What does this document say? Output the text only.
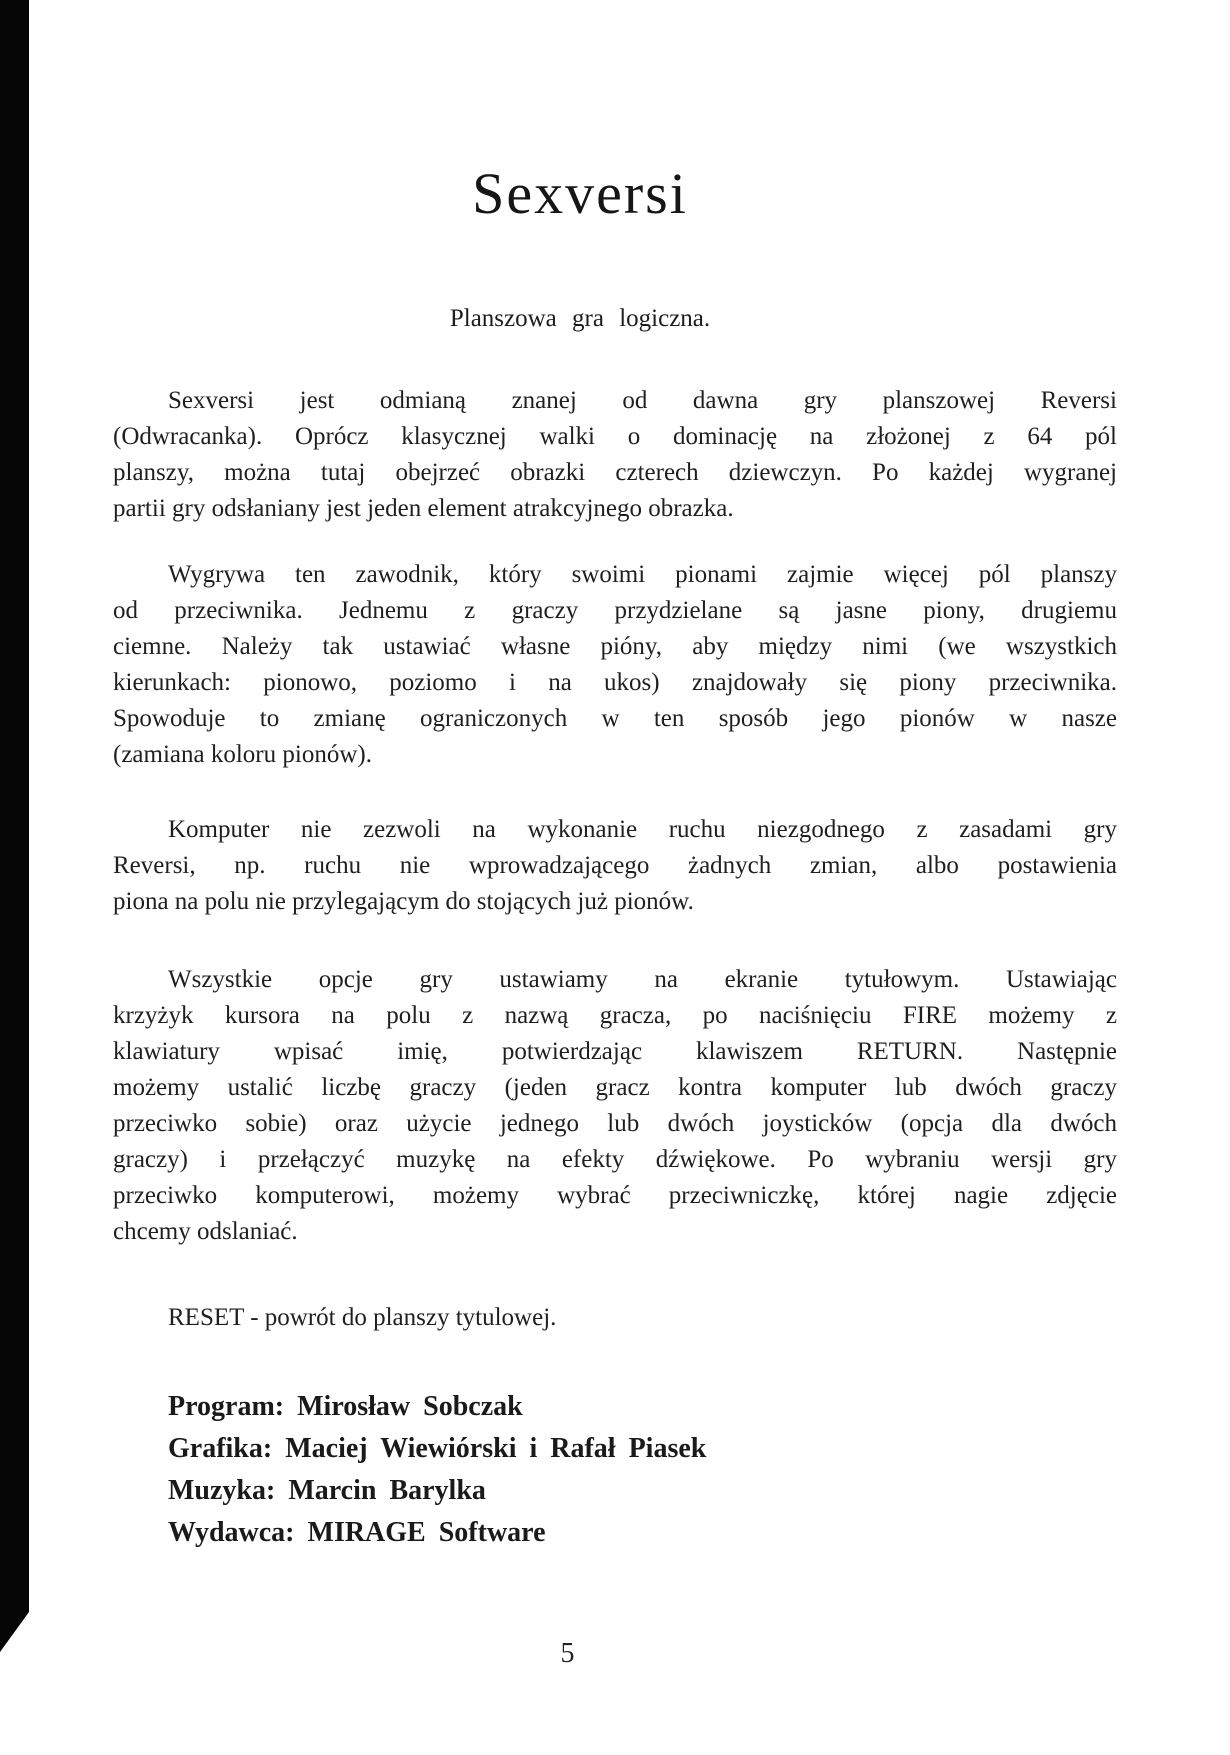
Sexversi
Planszowa gra logiczna.
Sexversi jest odmianą znanej od dawna gry planszowej Reversi
(Odwracanka). Oprócz klasycznej walki o dominację na złożonej z 64 pól
planszy, można tutaj obejrzeć obrazki czterech dziewczyn. Po każdej wygranej
partii gry odsłaniany jest jeden element atrakcyjnego obrazka.
Wygrywa ten zawodnik, który swoimi pionami zajmie więcej pól planszy
od przeciwnika. Jednemu z graczy przydzielane są jasne piony, drugiemu
ciemne. Należy tak ustawiać własne pióny, aby między nimi (we wszystkich
kierunkach: pionowo, poziomo i na ukos) znajdowały się piony przeciwnika.
Spowoduje to zmianę ograniczonych w ten sposób jego pionów w nasze
(zamiana koloru pionów).
Komputer nie zezwoli na wykonanie ruchu niezgodnego z zasadami gry
Reversi, np. ruchu nie wprowadzającego żadnych zmian, albo postawienia
piona na polu nie przylegającym do stojących już pionów.
Wszystkie opcje gry ustawiamy na ekranie tytułowym. Ustawiając
krzyżyk kursora na polu z nazwą gracza, po naciśnięciu FIRE możemy z
klawiatury wpisać imię, potwierdzając klawiszem RETURN. Następnie
możemy ustalić liczbę graczy (jeden gracz kontra komputer lub dwóch graczy
przeciwko sobie) oraz użycie jednego lub dwóch joysticków (opcja dla dwóch
graczy) i przełączyć muzykę na efekty dźwiękowe. Po wybraniu wersji gry
przeciwko komputerowi, możemy wybrać przeciwniczkę, której nagie zdjęcie
chcemy odslaniać.
RESET - powrót do planszy tytulowej.
Program: Mirosław Sobczak
Grafika: Maciej Wiewiórski i Rafał Piasek
Muzyka: Marcin Barylka
Wydawca: MIRAGE Software
5
